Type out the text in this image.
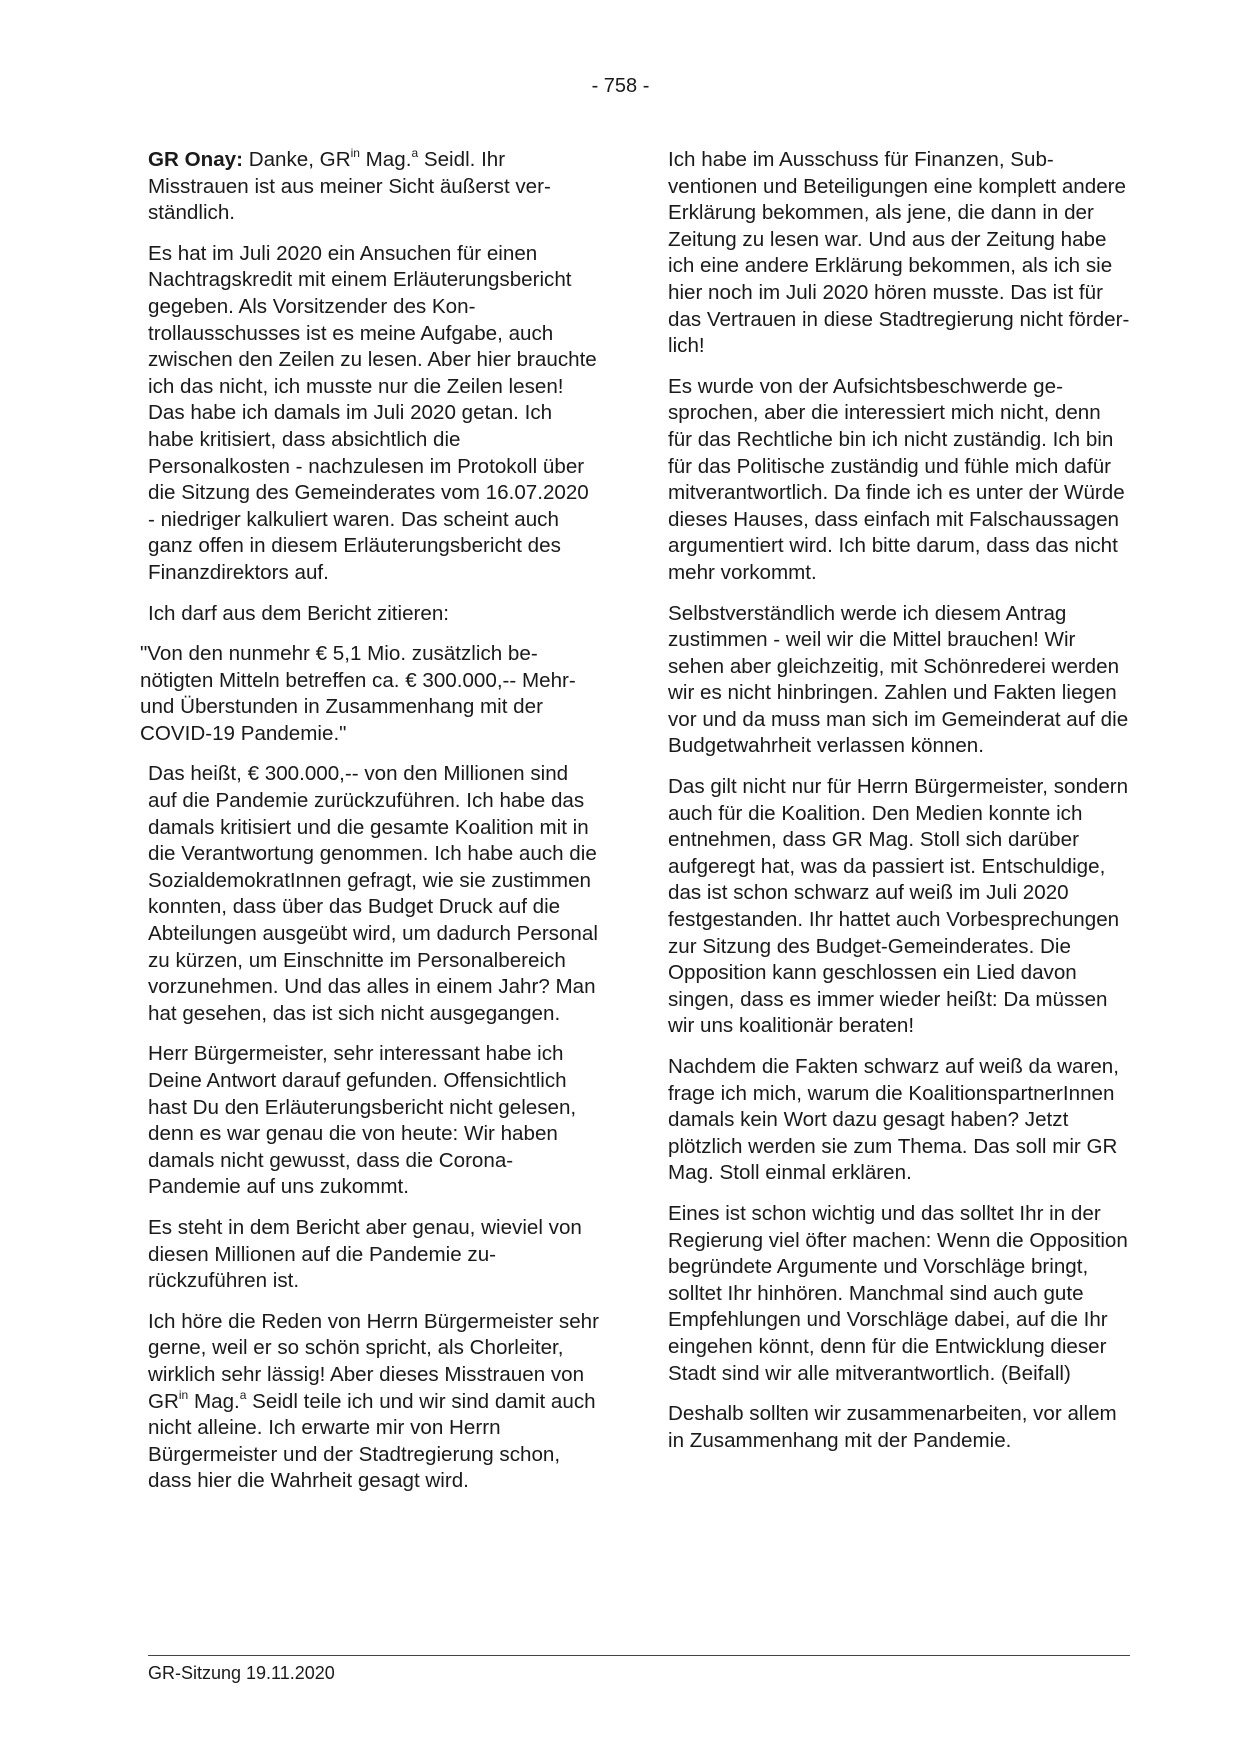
- 758 -

GR Onay: Danke, $GR^{in}$ Mag.$^a$ Seidl. Ihr Misstrauen ist aus meiner Sicht äußerst verständlich.

Es hat im Juli 2020 ein Ansuchen für einen Nachtragskredit mit einem Erläuterungsbericht gegeben. Als Vorsitzender des Kontrollausschusses ist es meine Aufgabe, auch zwischen den Zeilen zu lesen. Aber hier brauchte ich das nicht, ich musste nur die Zeilen lesen! Das habe ich damals im Juli 2020 getan. Ich habe kritisiert, dass absichtlich die Personalkosten - nachzulesen im Protokoll über die Sitzung des Gemeinderates vom 16.07.2020 - niedriger kalkuliert waren. Das scheint auch ganz offen in diesem Erläuterungsbericht des Finanzdirektors auf.

Ich darf aus dem Bericht zitieren:

"Von den nunmehr € 5,1 Mio. zusätzlich benötigten Mitteln betreffen ca. € 300.000,-- Mehr- und Überstunden in Zusammenhang mit der COVID-19 Pandemie."

Das heißt, € 300.000,-- von den Millionen sind auf die Pandemie zurückzuführen. Ich habe das damals kritisiert und die gesamte Koalition mit in die Verantwortung genommen. Ich habe auch die SozialdemokratInnen gefragt, wie sie zustimmen konnten, dass über das Budget Druck auf die Abteilungen ausgeübt wird, um dadurch Personal zu kürzen, um Einschnitte im Personalbereich vorzunehmen. Und das alles in einem Jahr? Man hat gesehen, das ist sich nicht ausgegangen.

Herr Bürgermeister, sehr interessant habe ich Deine Antwort darauf gefunden. Offensichtlich hast Du den Erläuterungsbericht nicht gelesen, denn es war genau die von heute: Wir haben damals nicht gewusst, dass die Corona-Pandemie auf uns zukommt.

Es steht in dem Bericht aber genau, wieviel von diesen Millionen auf die Pandemie zurückzuführen ist.

Ich höre die Reden von Herrn Bürgermeister sehr gerne, weil er so schön spricht, als Chorleiter, wirklich sehr lässig! Aber dieses Misstrauen von $GR^{in}$ Mag.$^a$ Seidl teile ich und wir sind damit auch nicht alleine. Ich erwarte mir von Herrn Bürgermeister und der Stadtregierung schon, dass hier die Wahrheit gesagt wird.

Ich habe im Ausschuss für Finanzen, Subventionen und Beteiligungen eine komplett andere Erklärung bekommen, als jene, die dann in der Zeitung zu lesen war. Und aus der Zeitung habe ich eine andere Erklärung bekommen, als ich sie hier noch im Juli 2020 hören musste. Das ist für das Vertrauen in diese Stadtregierung nicht förderlich!

Es wurde von der Aufsichtsbeschwerde gesprochen, aber die interessiert mich nicht, denn für das Rechtliche bin ich nicht zuständig. Ich bin für das Politische zuständig und fühle mich dafür mitverantwortlich. Da finde ich es unter der Würde dieses Hauses, dass einfach mit Falschaussagen argumentiert wird. Ich bitte darum, dass das nicht mehr vorkommt.

Selbstverständlich werde ich diesem Antrag zustimmen - weil wir die Mittel brauchen! Wir sehen aber gleichzeitig, mit Schönrederei werden wir es nicht hinbringen. Zahlen und Fakten liegen vor und da muss man sich im Gemeinderat auf die Budgetwahrheit verlassen können.

Das gilt nicht nur für Herrn Bürgermeister, sondern auch für die Koalition. Den Medien konnte ich entnehmen, dass GR Mag. Stoll sich darüber aufgeregt hat, was da passiert ist. Entschuldige, das ist schon schwarz auf weiß im Juli 2020 festgestanden. Ihr hattet auch Vorbesprechungen zur Sitzung des Budget-Gemeinderates. Die Opposition kann geschlossen ein Lied davon singen, dass es immer wieder heißt: Da müssen wir uns koalitionär beraten!

Nachdem die Fakten schwarz auf weiß da waren, frage ich mich, warum die KoalitionspartnerInnen damals kein Wort dazu gesagt haben? Jetzt plötzlich werden sie zum Thema. Das soll mir GR Mag. Stoll einmal erklären.

Eines ist schon wichtig und das solltet Ihr in der Regierung viel öfter machen: Wenn die Opposition begründete Argumente und Vorschläge bringt, solltet Ihr hinhören. Manchmal sind auch gute Empfehlungen und Vorschläge dabei, auf die Ihr eingehen könnt, denn für die Entwicklung dieser Stadt sind wir alle mitverantwortlich. (Beifall)

Deshalb sollten wir zusammenarbeiten, vor allem in Zusammenhang mit der Pandemie.

GR-Sitzung 19.11.2020
